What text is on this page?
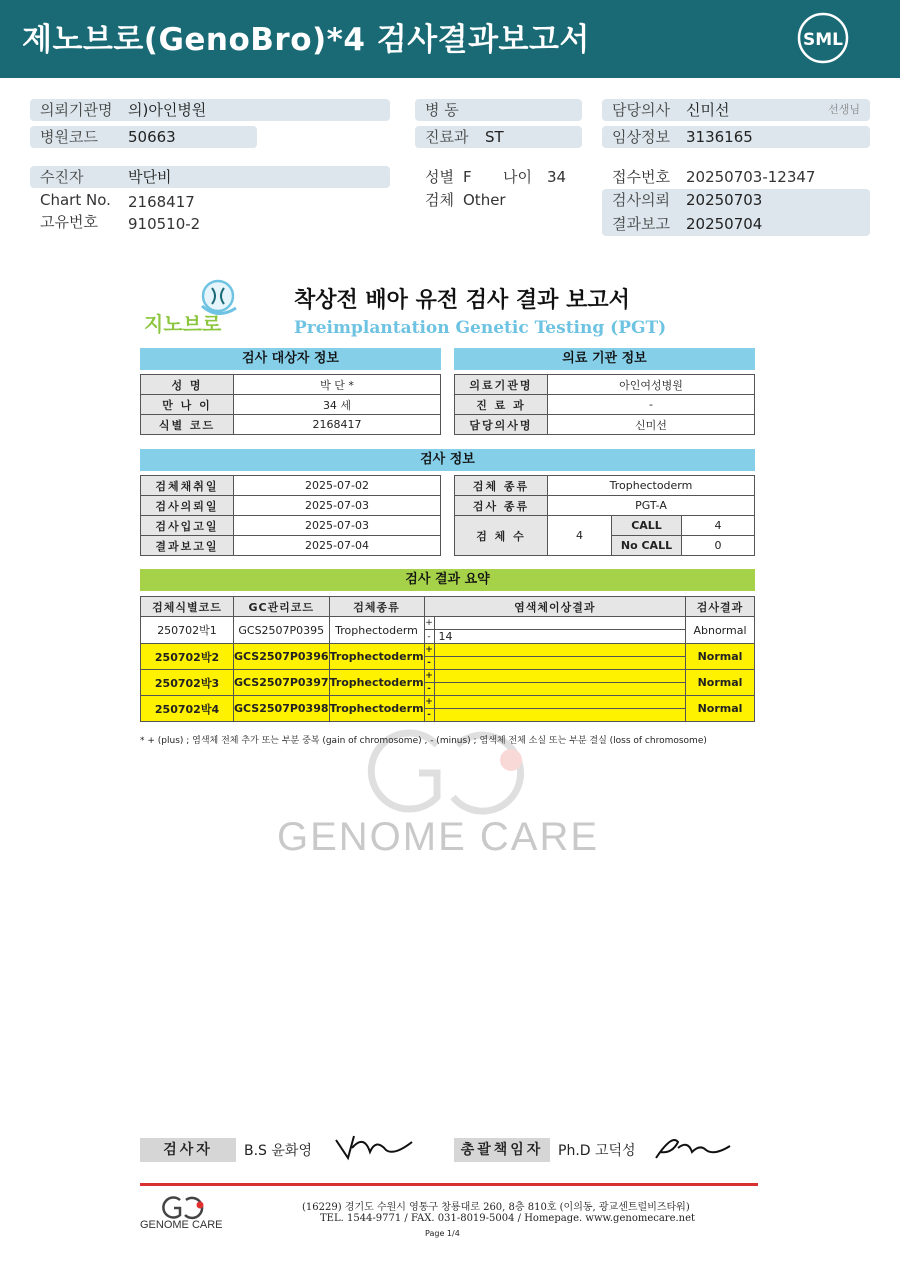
제노브로(GenoBro)*4 검사결과보고서	SML
의뢰기관명 의)아인병원
병원코드 50663
수진자	박단비
Chart No. 2168417
고유번호 910510-2
병 동
진료과 ST
성별 F 나이 34
검체 Other
담당의사 신미선	선생님
임상정보 3136165
접수번호 20250703-12347
검사의뢰 20250703
결과보고 20250704
지노브로
착상전 배아 유전 검사 결과 보고서
Preimplantation Genetic Testing (PGT)
검사 대상자 정보
성 명	박 단 *
만 나 이	34 세
식별 코드	2168417
의료 기관 정보
의료기관명	아인여성병원
진 료 과	-
담당의사명	신미선
검사 정보
검체채취일	2025-07-02
검사의뢰일	2025-07-03
검사입고일	2025-07-03
결과보고일	2025-07-04
검체 종류	Trophectoderm		
검사 종류	PGT-A		
검 체 수	4	CALL	4
		No CALL	0
검사 결과 요약
검체식별코드	GC관리코드	검체종류	염색체이상결과		검사결과
250702박1	GCS2507P0395	Trophectoderm	+		Abnormal
			-	14	
250702박2	GCS2507P0396	Trophectoderm	+		Normal
			-		
250702박3	GCS2507P0397	Trophectoderm	+		Normal
			-		
250702박4	GCS2507P0398	Trophectoderm	+		Normal
			-		
* + (plus) ; 염색체 전체 추가 또는 부분 중복 (gain of chromosome) , - (minus) ; 염색체 전체 소실 또는 부분 결실 (loss of chromosome)
GENOME CARE
검사자	B.S 윤화영	총괄책임자	Ph.D 고덕성
GENOME CARE
(16229) 경기도 수원시 영통구 창룡대로 260, 8층 810호 (이의동, 광교센트럴비즈타워)
TEL. 1544-9771 / FAX. 031-8019-5004 / Homepage. www.genomecare.net
Page 1/4
